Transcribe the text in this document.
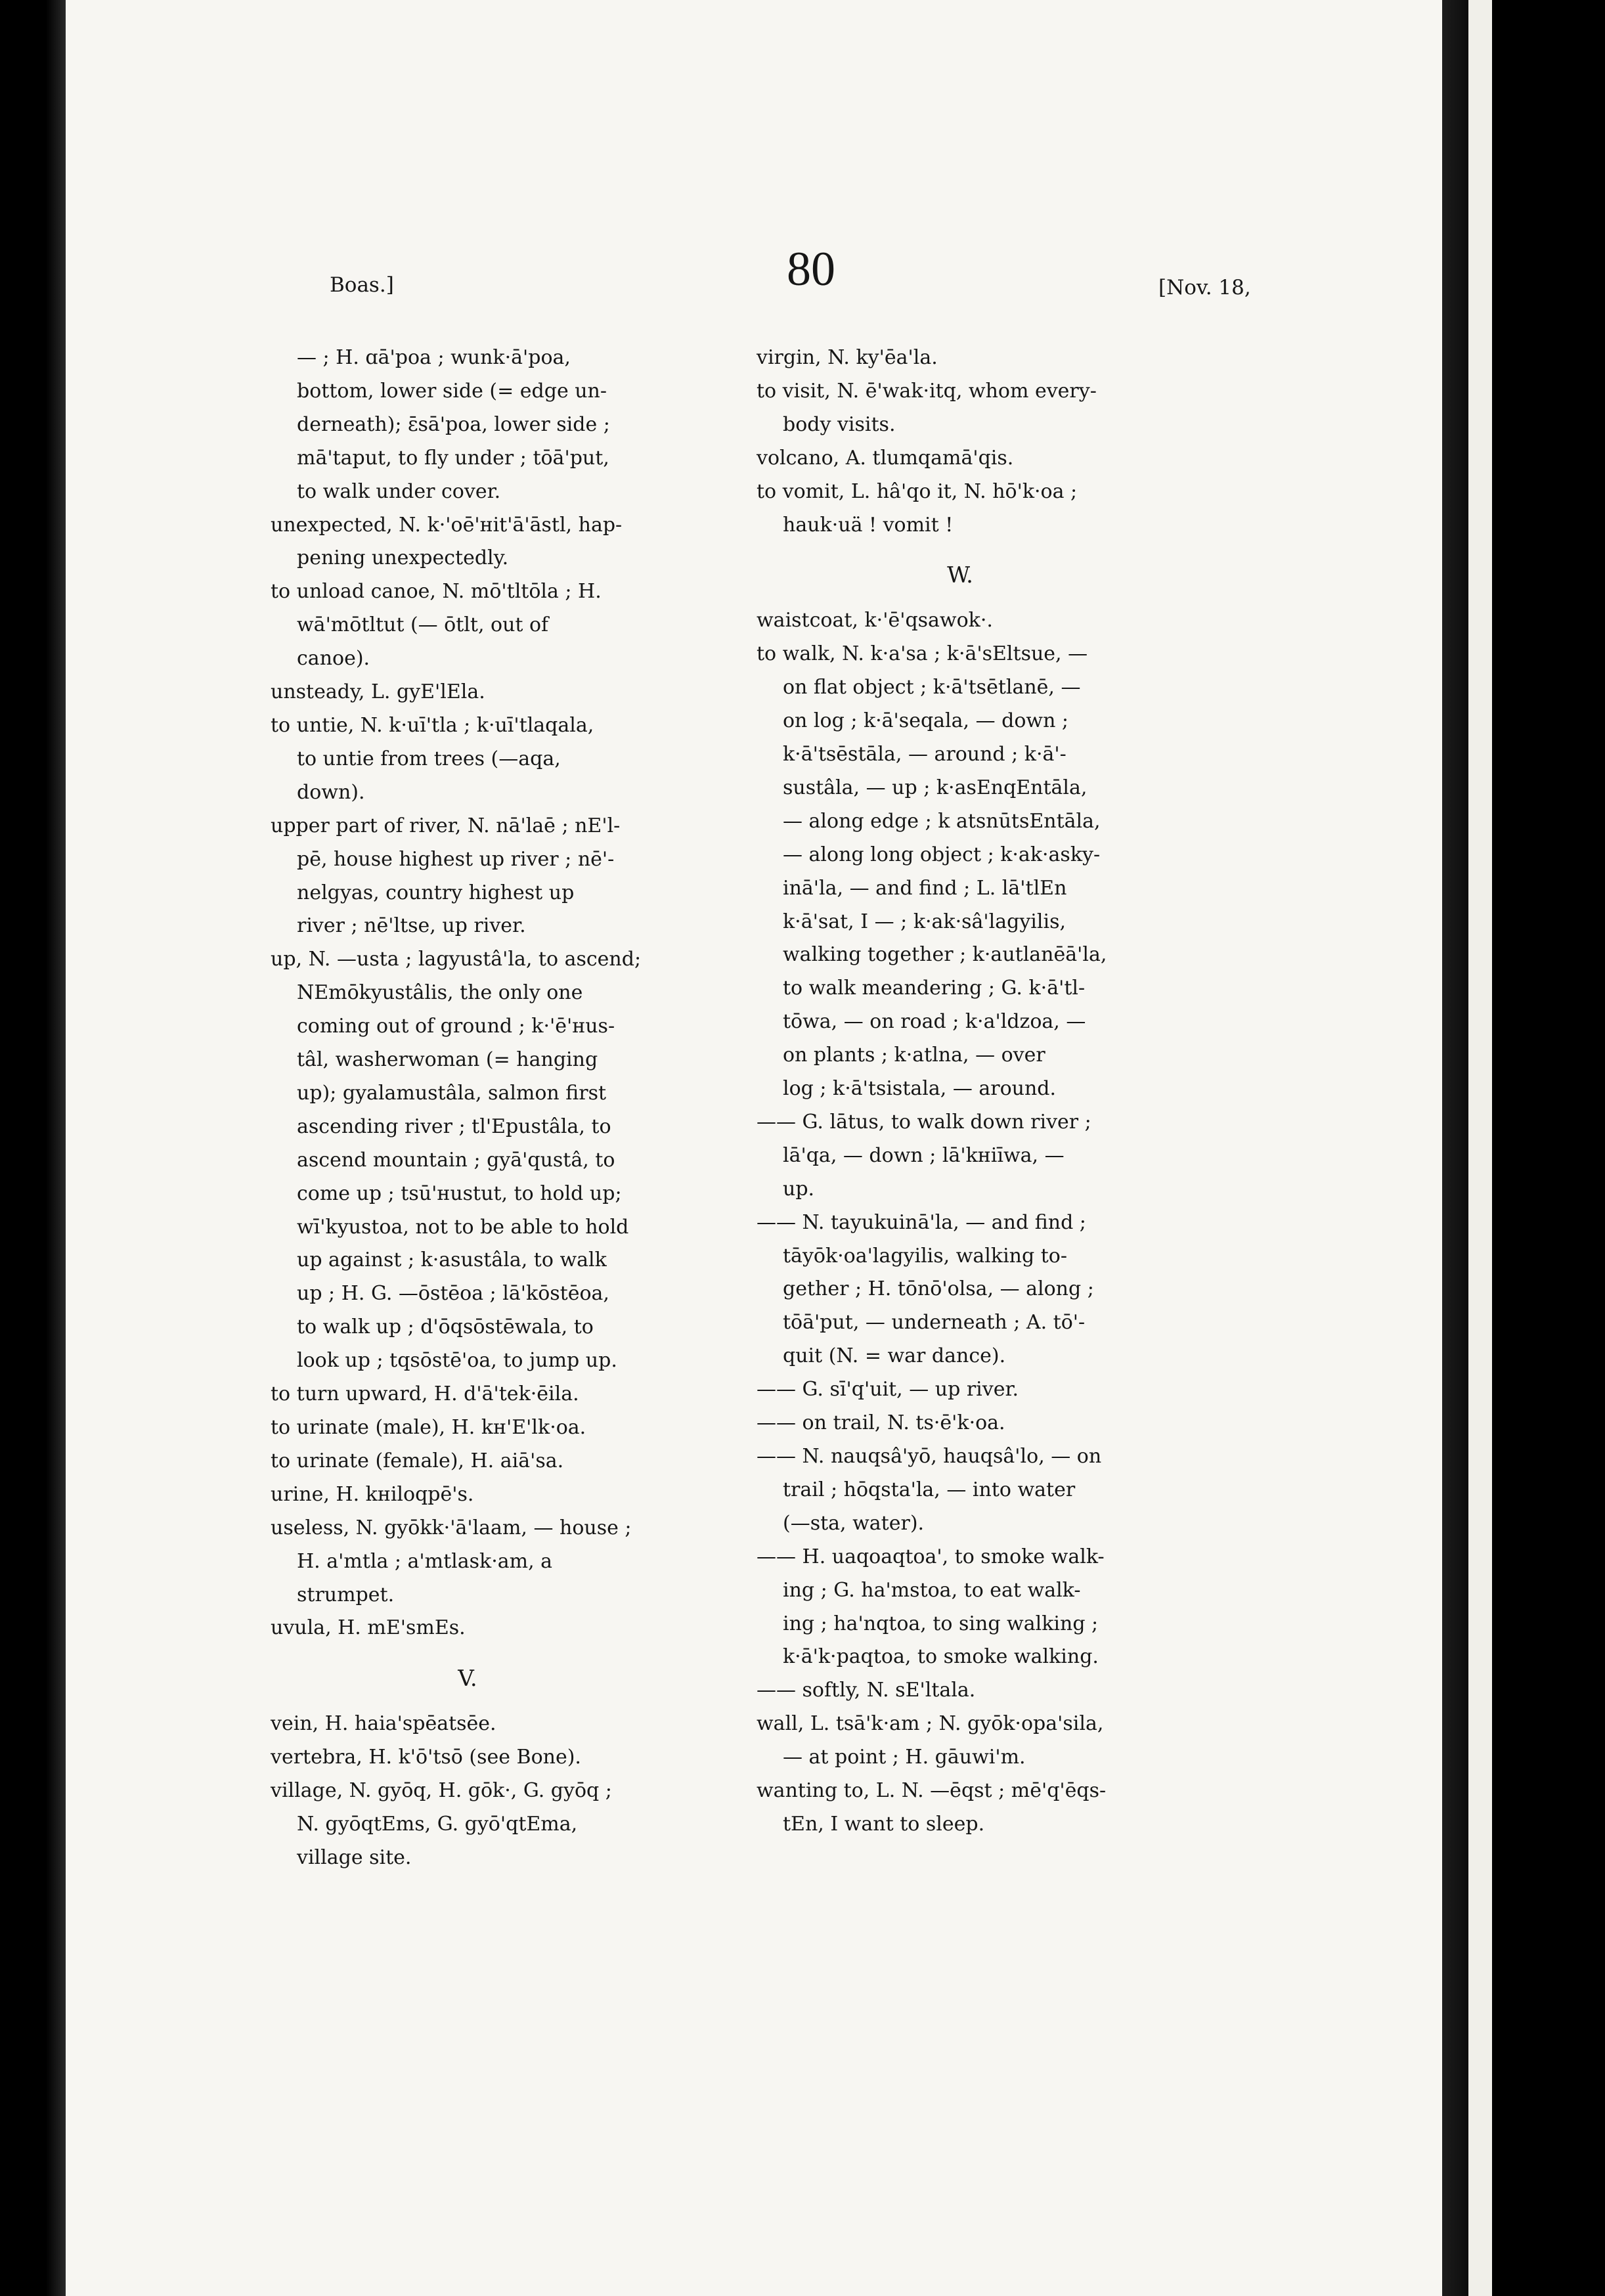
Boas.]	80	[Nov. 18,
— ; H. ɑā'poa ; wunk·ā'poa,
bottom, lower side (= edge un-
derneath); ɛ̄sā'poa, lower side ;
mā'taput, to fly under ; tōā'put,
to walk under cover.
unexpected, N. k·'oē'ʜit'ā'āstl, hap-
pening unexpectedly.
to unload canoe, N. mō'tltōla ; H.
wā'mōtltut (— ōtlt, out of
canoe).
unsteady, L. gyE'lEla.
to untie, N. k·uī'tla ; k·uī'tlaqala,
to untie from trees (—aqa,
down).
upper part of river, N. nā'laē ; nE'l-
pē, house highest up river ; nē'-
nelgyas, country highest up
river ; nē'ltse, up river.
up, N. —usta ; lagyustâ'la, to ascend;
NEmōkyustâlis, the only one
coming out of ground ; k·'ē'ʜus-
tâl, washerwoman (= hanging
up); gyalamustâla, salmon first
ascending river ; tl'Epustâla, to
ascend mountain ; gyā'qustâ, to
come up ; tsū'ʜustut, to hold up;
wī'kyustoa, not to be able to hold
up against ; k·asustâla, to walk
up ; H. G. —ōstēoa ; lā'kōstēoa,
to walk up ; d'ōqsōstēwala, to
look up ; tqsōstē'oa, to jump up.
to turn upward, H. d'ā'tek·ēila.
to urinate (male), H. kʜ'E'lk·oa.
to urinate (female), H. aiā'sa.
urine, H. kʜiloqpē's.
useless, N. gyōkk·'ā'laam, — house ;
H. a'mtla ; a'mtlask·am, a
strumpet.
uvula, H. mE'smEs.
V.
vein, H. haia'spēatsēe.
vertebra, H. k'ō'tsō (see Bone).
village, N. gyōq, H. gōk·, G. gyōq ;
N. gyōqtEms, G. gyō'qtEma,
village site.
virgin, N. ky'ēa'la.
to visit, N. ē'wak·itq, whom every-
body visits.
volcano, A. tlumqamā'qis.
to vomit, L. hâ'qo it, N. hō'k·oa ;
hauk·uä ! vomit !
W.
waistcoat, k·'ē'qsawok·.
to walk, N. k·a'sa ; k·ā'sEltsue, —
on flat object ; k·ā'tsētlanē, —
on log ; k·ā'seqala, — down ;
k·ā'tsēstāla, — around ; k·ā'-
sustâla, — up ; k·asEnqEntāla,
— along edge ; k atsnūtsEntāla,
— along long object ; k·ak·asky-
inā'la, — and find ; L. lā'tlEn
k·ā'sat, I — ; k·ak·sâ'lagyilis,
walking together ; k·autlanēā'la,
to walk meandering ; G. k·ā'tl-
tōwa, — on road ; k·a'ldzoa, —
on plants ; k·atlna, — over
log ; k·ā'tsistala, — around.
—— G. lātus, to walk down river ;
lā'qa, — down ; lā'kʜiīwa, —
up.
—— N. tayukuinā'la, — and find ;
tāyōk·oa'lagyilis, walking to-
gether ; H. tōnō'olsa, — along ;
tōā'put, — underneath ; A. tō'-
quit (N. = war dance).
—— G. sī'q'uit, — up river.
—— on trail, N. ts·ē'k·oa.
—— N. nauqsâ'yō, hauqsâ'lo, — on
trail ; hōqsta'la, — into water
(—sta, water).
—— H. uaqoaqtoa', to smoke walk-
ing ; G. ha'mstoa, to eat walk-
ing ; ha'nqtoa, to sing walking ;
k·ā'k·paqtoa, to smoke walking.
—— softly, N. sE'ltala.
wall, L. tsā'k·am ; N. gyōk·opa'sila,
— at point ; H. gāuwi'm.
wanting to, L. N. —ēqst ; mē'q'ēqs-
tEn, I want to sleep.
